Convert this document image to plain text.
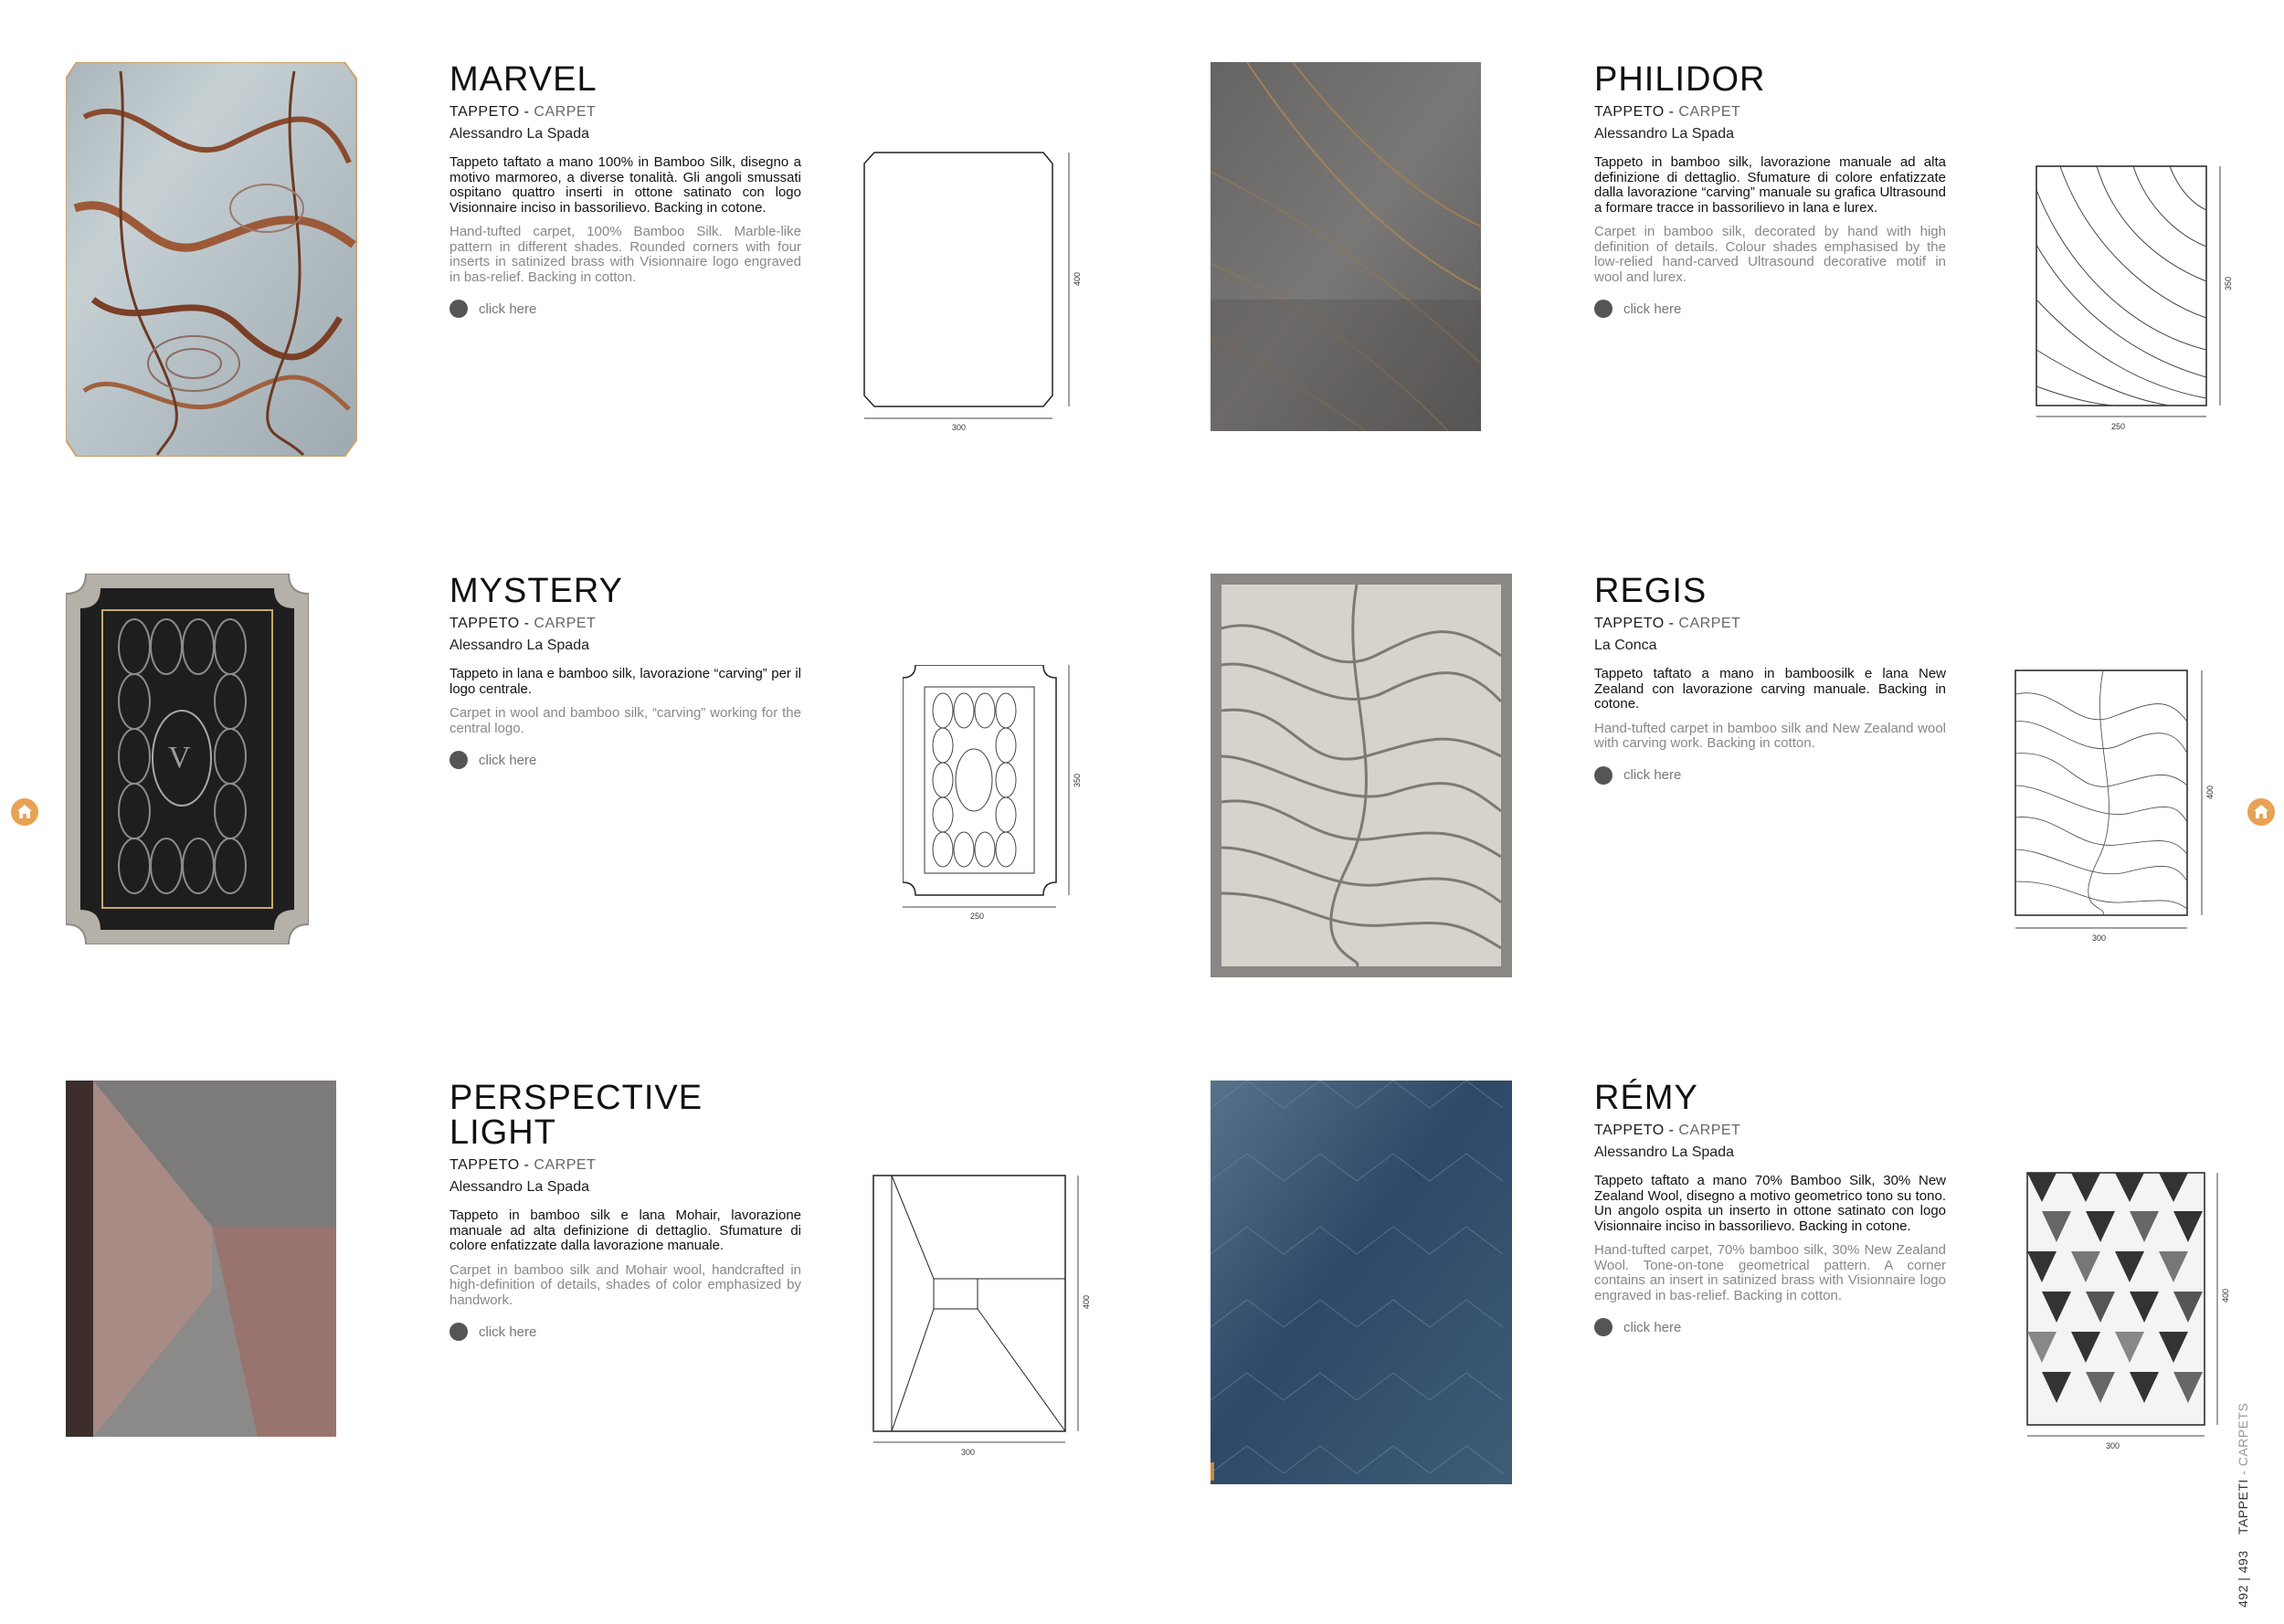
MARVEL
TAPPETO - CARPET
Alessandro La Spada
Tappeto taftato a mano 100% in Bamboo Silk, disegno a motivo marmoreo, a diverse tonalità. Gli angoli smussati ospitano quattro inserti in ottone satinato con logo Visionnaire inciso in bassorilievo. Backing in cotone.
Hand-tufted carpet, 100% Bamboo Silk. Marble-like pattern in different shades. Rounded corners with four inserts in satinized brass with Visionnaire logo engraved in bas-relief. Backing in cotton.
click here
300
400
PHILIDOR
TAPPETO - CARPET
Alessandro La Spada
Tappeto in bamboo silk, lavorazione manuale ad alta definizione di dettaglio. Sfumature di colore enfatizzate dalla lavorazione “carving” manuale su grafica Ultrasound a formare tracce in bassorilievo in lana e lurex.
Carpet in bamboo silk, decorated by hand with high definition of details. Colour shades emphasised by the low-relied hand-carved Ultrasound decorative motif in wool and lurex.
click here
250
350
V
MYSTERY
TAPPETO - CARPET
Alessandro La Spada
Tappeto in lana e bamboo silk, lavorazione “carving” per il logo centrale.
Carpet in wool and bamboo silk, “carving” working for the central logo.
click here
250
350
REGIS
TAPPETO - CARPET
La Conca
Tappeto taftato a mano in bamboosilk e lana New Zealand con lavorazione carving manuale. Backing in cotone.
Hand-tufted carpet in bamboo silk and New Zealand wool with carving work. Backing in cotton.
click here
300
400
PERSPECTIVE LIGHT
TAPPETO - CARPET
Alessandro La Spada
Tappeto in bamboo silk e lana Mohair, lavorazione manuale ad alta definizione di dettaglio. Sfumature di colore enfatizzate dalla lavorazione manuale.
Carpet in bamboo silk and Mohair wool, handcrafted in high-definition of details, shades of color emphasized by handwork.
click here
300
400
RÉMY
TAPPETO - CARPET
Alessandro La Spada
Tappeto taftato a mano 70% Bamboo Silk, 30% New Zealand Wool, disegno a motivo geometrico tono su tono. Un angolo ospita un inserto in ottone satinato con logo Visionnaire inciso in bassorilievo. Backing in cotone.
Hand-tufted carpet, 70% bamboo silk, 30% New Zealand Wool. Tone-on-tone geometrical pattern. A corner contains an insert in satinized brass with Visionnaire logo engraved in bas-relief. Backing in cotton.
click here
300
400
492 | 493    TAPPETI - CARPETS
